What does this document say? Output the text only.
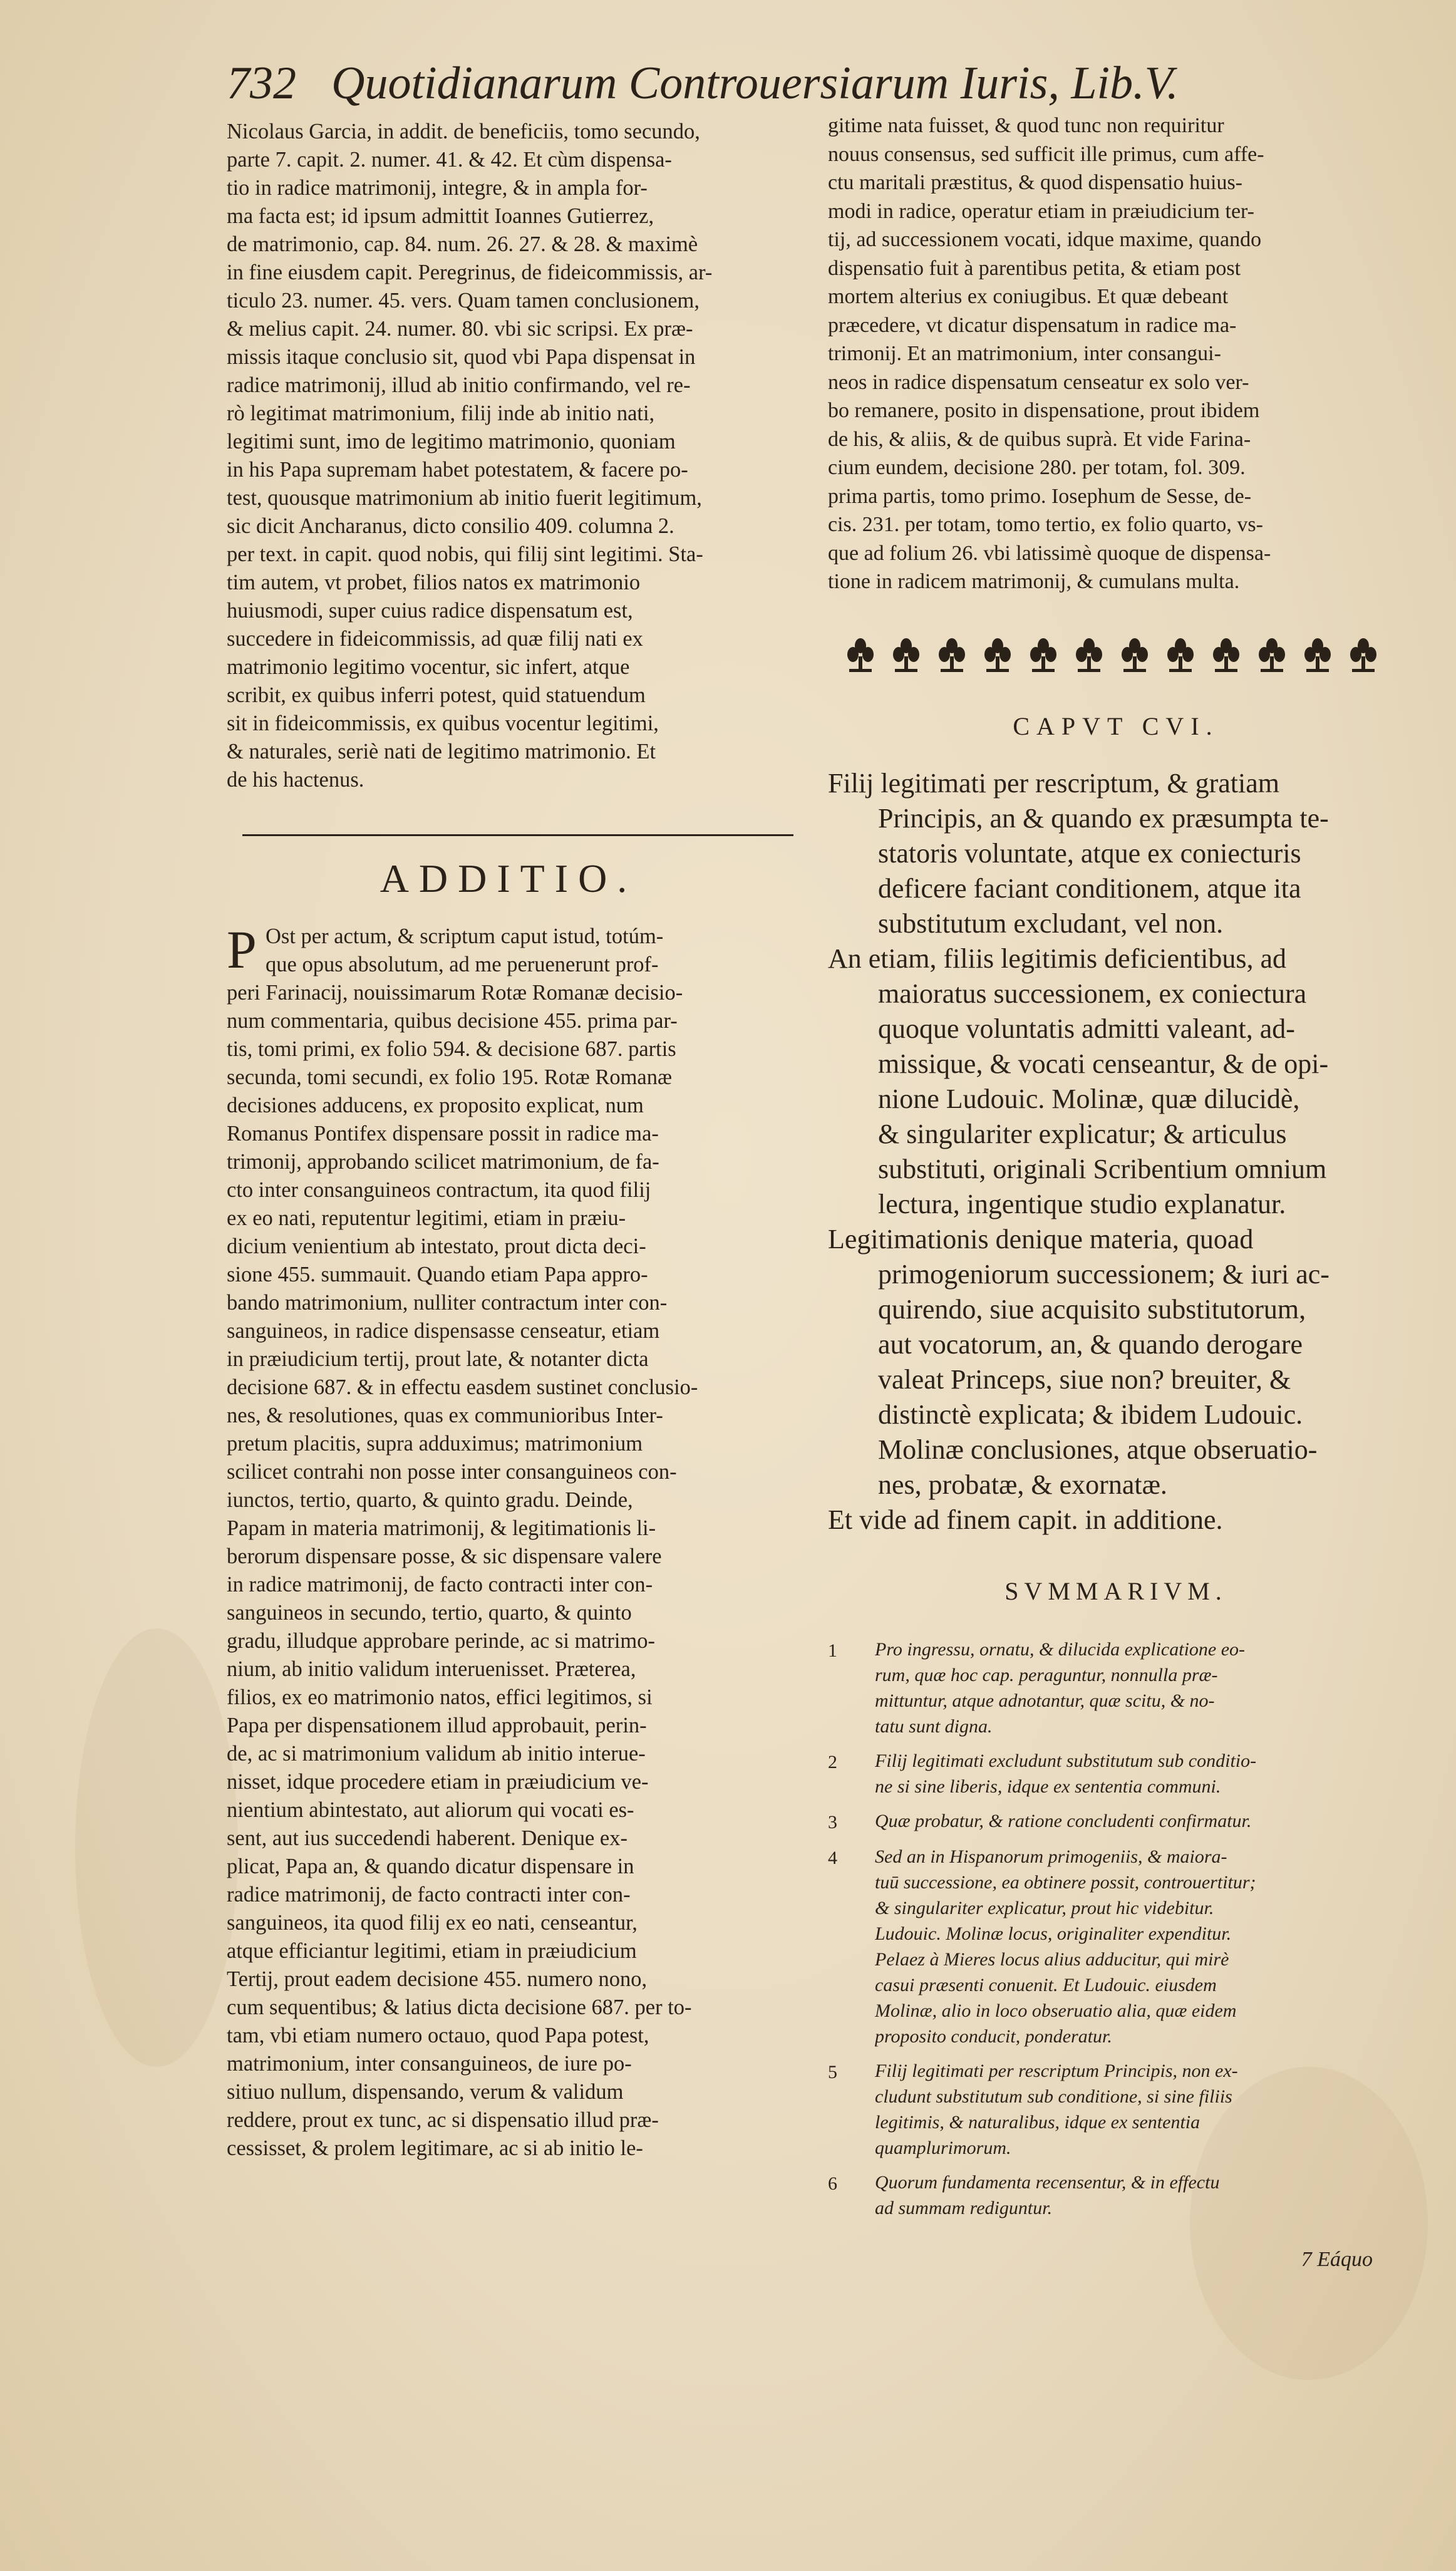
732 Quotidianarum Controuersiarum Iuris, Lib.V.
Nicolaus Garcia, in addit. de beneficiis, tomo secundo,
parte 7. capit. 2. numer. 41. & 42. Et cùm dispensa-
tio in radice matrimonij, integre, & in ampla for-
ma facta est; id ipsum admittit Ioannes Gutierrez,
de matrimonio, cap. 84. num. 26. 27. & 28. & maximè
in fine eiusdem capit. Peregrinus, de fideicommissis, ar-
ticulo 23. numer. 45. vers. Quam tamen conclusionem,
& melius capit. 24. numer. 80. vbi sic scripsi. Ex præ-
missis itaque conclusio sit, quod vbi Papa dispensat in
radice matrimonij, illud ab initio confirmando, vel re-
rò legitimat matrimonium, filij inde ab initio nati,
legitimi sunt, imo de legitimo matrimonio, quoniam
in his Papa supremam habet potestatem, & facere po-
test, quousque matrimonium ab initio fuerit legitimum,
sic dicit Ancharanus, dicto consilio 409. columna 2.
per text. in capit. quod nobis, qui filij sint legitimi. Sta-
tim autem, vt probet, filios natos ex matrimonio
huiusmodi, super cuius radice dispensatum est,
succedere in fideicommissis, ad quæ filij nati ex
matrimonio legitimo vocentur, sic infert, atque
scribit, ex quibus inferri potest, quid statuendum
sit in fideicommissis, ex quibus vocentur legitimi,
& naturales, seriè nati de legitimo matrimonio. Et
de his hactenus.
ADDITIO.
P Ost per actum, & scriptum caput istud, totúm-
que opus absolutum, ad me peruenerunt prof-
peri Farinacij, nouissimarum Rotæ Romanæ decisio-
num commentaria, quibus decisione 455. prima par-
tis, tomi primi, ex folio 594. & decisione 687. partis
secunda, tomi secundi, ex folio 195. Rotæ Romanæ
decisiones adducens, ex proposito explicat, num
Romanus Pontifex dispensare possit in radice ma-
trimonij, approbando scilicet matrimonium, de fa-
cto inter consanguineos contractum, ita quod filij
ex eo nati, reputentur legitimi, etiam in præiu-
dicium venientium ab intestato, prout dicta deci-
sione 455. summauit. Quando etiam Papa appro-
bando matrimonium, nulliter contractum inter con-
sanguineos, in radice dispensasse censeatur, etiam
in præiudicium tertij, prout late, & notanter dicta
decisione 687. & in effectu easdem sustinet conclusio-
nes, & resolutiones, quas ex communioribus Inter-
pretum placitis, supra adduximus; matrimonium
scilicet contrahi non posse inter consanguineos con-
iunctos, tertio, quarto, & quinto gradu. Deinde,
Papam in materia matrimonij, & legitimationis li-
berorum dispensare posse, & sic dispensare valere
in radice matrimonij, de facto contracti inter con-
sanguineos in secundo, tertio, quarto, & quinto
gradu, illudque approbare perinde, ac si matrimo-
nium, ab initio validum interuenisset. Præterea,
filios, ex eo matrimonio natos, effici legitimos, si
Papa per dispensationem illud approbauit, perin-
de, ac si matrimonium validum ab initio interue-
nisset, idque procedere etiam in præiudicium ve-
nientium abintestato, aut aliorum qui vocati es-
sent, aut ius succedendi haberent. Denique ex-
plicat, Papa an, & quando dicatur dispensare in
radice matrimonij, de facto contracti inter con-
sanguineos, ita quod filij ex eo nati, censeantur,
atque efficiantur legitimi, etiam in præiudicium
Tertij, prout eadem decisione 455. numero nono,
cum sequentibus; & latius dicta decisione 687. per to-
tam, vbi etiam numero octauo, quod Papa potest,
matrimonium, inter consanguineos, de iure po-
sitiuo nullum, dispensando, verum & validum
reddere, prout ex tunc, ac si dispensatio illud præ-
cessisset, & prolem legitimare, ac si ab initio le-
gitime nata fuisset, & quod tunc non requiritur
nouus consensus, sed sufficit ille primus, cum affe-
ctu maritali præstitus, & quod dispensatio huius-
modi in radice, operatur etiam in præiudicium ter-
tij, ad successionem vocati, idque maxime, quando
dispensatio fuit à parentibus petita, & etiam post
mortem alterius ex coniugibus. Et quæ debeant
præcedere, vt dicatur dispensatum in radice ma-
trimonij. Et an matrimonium, inter consangui-
neos in radice dispensatum censeatur ex solo ver-
bo remanere, posito in dispensatione, prout ibidem
de his, & aliis, & de quibus suprà. Et vide Farina-
cium eundem, decisione 280. per totam, fol. 309.
prima partis, tomo primo. Iosephum de Sesse, de-
cis. 231. per totam, tomo tertio, ex folio quarto, vs-
que ad folium 26. vbi latissimè quoque de dispensa-
tione in radicem matrimonij, & cumulans multa.
CAPVT CVI.
Filij legitimati per rescriptum, & gratiam
Principis, an & quando ex præsumpta te-
statoris voluntate, atque ex coniecturis
deficere faciant conditionem, atque ita
substitutum excludant, vel non.
An etiam, filiis legitimis deficientibus, ad
maioratus successionem, ex coniectura
quoque voluntatis admitti valeant, ad-
missique, & vocati censeantur, & de opi-
nione Ludouic. Molinæ, quæ dilucidè,
& singulariter explicatur; & articulus
substituti, originali Scribentium omnium
lectura, ingentique studio explanatur.
Legitimationis denique materia, quoad
primogeniorum successionem; & iuri ac-
quirendo, siue acquisito substitutorum,
aut vocatorum, an, & quando derogare
valeat Princeps, siue non? breuiter, &
distinctè explicata; & ibidem Ludouic.
Molinæ conclusiones, atque obseruatio-
nes, probatæ, & exornatæ.
Et vide ad finem capit. in additione.
SVMMARIVM.
1	Pro ingressu, ornatu, & dilucida explicatione eo-
rum, quæ hoc cap. peraguntur, nonnulla præ-
mittuntur, atque adnotantur, quæ scitu, & no-
tatu sunt digna.
2	Filij legitimati excludunt substitutum sub conditio-
ne si sine liberis, idque ex sententia communi.
3	Quæ probatur, & ratione concludenti confirmatur.
4	Sed an in Hispanorum primogeniis, & maiora-
tuū successione, ea obtinere possit, controuertitur;
& singulariter explicatur, prout hic videbitur.
Ludouic. Molinæ locus, originaliter expenditur.
Pelaez à Mieres locus alius adducitur, qui mirè
casui præsenti conuenit. Et Ludouic. eiusdem
Molinæ, alio in loco obseruatio alia, quæ eidem
proposito conducit, ponderatur.
5	Filij legitimati per rescriptum Principis, non ex-
cludunt substitutum sub conditione, si sine filiis
legitimis, & naturalibus, idque ex sententia
quamplurimorum.
6	Quorum fundamenta recensentur, & in effectu
ad summam rediguntur.
7 Eáquo
